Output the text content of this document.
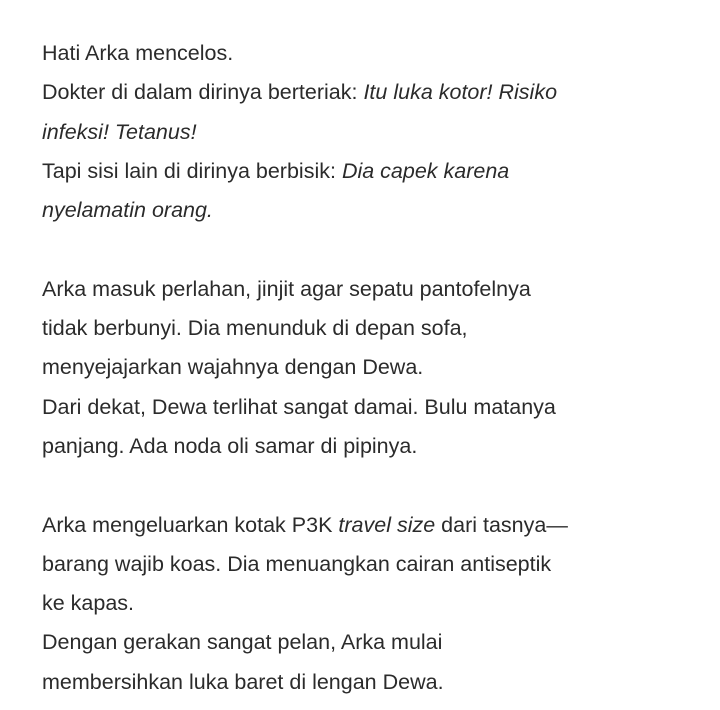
Hati Arka mencelos.
Dokter di dalam dirinya berteriak: Itu luka kotor! Risiko
infeksi! Tetanus!
Tapi sisi lain di dirinya berbisik: Dia capek karena
nyelamatin orang.
Arka masuk perlahan, jinjit agar sepatu pantofelnya
tidak berbunyi. Dia menunduk di depan sofa,
menyejajarkan wajahnya dengan Dewa.
Dari dekat, Dewa terlihat sangat damai. Bulu matanya
panjang. Ada noda oli samar di pipinya.
Arka mengeluarkan kotak P3K travel size dari tasnya—
barang wajib koas. Dia menuangkan cairan antiseptik
ke kapas.
Dengan gerakan sangat pelan, Arka mulai
membersihkan luka baret di lengan Dewa.
